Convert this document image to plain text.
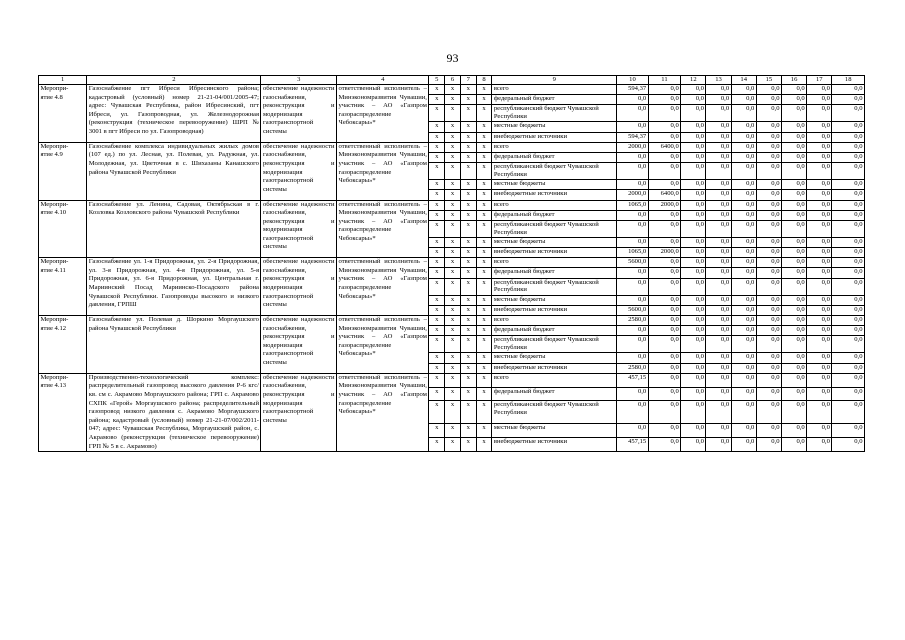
93
1	2	3	4	5	6	7	8	9	10	11	12	13	14	15	16	17	18

Меропри-
ятие 4.8	Газоснабжение пгт Ибреси Ибресинского района; кадастровый (условный) номер 21-21-04/001/2005-47; адрес: Чувашская Республика, район Ибресинский, пгт Ибреси, ул. Газопроводная, ул. Железнодорожная (реконструкция (техническое перевооружение) ШРП № 3001 в пгт Ибреси по ул. Газопроводная)	обеспечение надежности газоснабжения, реконструкция и модернизация газотранспортной системы	ответственный исполнитель – Минэкономразвития Чувашии, участник – АО «Газпром газораспределение Чебоксары»*	x	x	x	x	всего	594,37	0,0	0,0	0,0	0,0	0,0	0,0	0,0	0,0
				x	x	x	x	федеральный бюджет	0,0	0,0	0,0	0,0	0,0	0,0	0,0	0,0	0,0
				x	x	x	x	республиканский бюджет Чувашской Республики	0,0	0,0	0,0	0,0	0,0	0,0	0,0	0,0	0,0
				x	x	x	x	местные бюджеты	0,0	0,0	0,0	0,0	0,0	0,0	0,0	0,0	0,0
				x	x	x	x	внебюджетные источники	594,37	0,0	0,0	0,0	0,0	0,0	0,0	0,0	0,0

Меропри-
ятие 4.9	Газоснабжение комплекса индивидуальных жилых домов (107 ед.) по ул. Лесная, ул. Полевая, ул. Радужная, ул. Молодежная, ул. Цветочная в с. Шихазаны Канашского района Чувашской Республики	обеспечение надежности газоснабжения, реконструкция и модернизация газотранспортной системы	ответственный исполнитель – Минэкономразвития Чувашии, участник – АО «Газпром газораспределение Чебоксары»*	x	x	x	x	всего	2000,0	6400,0	0,0	0,0	0,0	0,0	0,0	0,0	0,0
				x	x	x	x	федеральный бюджет	0,0	0,0	0,0	0,0	0,0	0,0	0,0	0,0	0,0
				x	x	x	x	республиканский бюджет Чувашской Республики	0,0	0,0	0,0	0,0	0,0	0,0	0,0	0,0	0,0
				x	x	x	x	местные бюджеты	0,0	0,0	0,0	0,0	0,0	0,0	0,0	0,0	0,0
				x	x	x	x	внебюджетные источники	2000,0	6400,0	0,0	0,0	0,0	0,0	0,0	0,0	0,0

Меропри-
ятие 4.10	Газоснабжение ул. Ленина, Садовая, Октябрьская в г. Козловка Козловского района Чувашской Республики	обеспечение надежности газоснабжения, реконструкция и модернизация газотранспортной системы	ответственный исполнитель – Минэкономразвития Чувашии, участник – АО «Газпром газораспределение Чебоксары»*	x	x	x	x	всего	1065,0	2000,0	0,0	0,0	0,0	0,0	0,0	0,0	0,0
				x	x	x	x	федеральный бюджет	0,0	0,0	0,0	0,0	0,0	0,0	0,0	0,0	0,0
				x	x	x	x	республиканский бюджет Чувашской Республики	0,0	0,0	0,0	0,0	0,0	0,0	0,0	0,0	0,0
				x	x	x	x	местные бюджеты	0,0	0,0	0,0	0,0	0,0	0,0	0,0	0,0	0,0
				x	x	x	x	внебюджетные источники	1065,0	2000,0	0,0	0,0	0,0	0,0	0,0	0,0	0,0

Меропри-
ятие 4.11	Газоснабжение ул. 1-я Придорожная, ул. 2-я Придорожная, ул. 3-я Придорожная, ул. 4-я Придорожная, ул. 5-я Придорожная, ул. 6-я Придорожная, ул. Центральная г. Мариинский Посад Мариинско-Посадского района Чувашской Республики. Газопроводы высокого и низкого давления, ГРПШ	обеспечение надежности газоснабжения, реконструкция и модернизация газотранспортной системы	ответственный исполнитель – Минэкономразвития Чувашии, участник – АО «Газпром газораспределение Чебоксары»*	x	x	x	x	всего	5600,0	0,0	0,0	0,0	0,0	0,0	0,0	0,0	0,0
				x	x	x	x	федеральный бюджет	0,0	0,0	0,0	0,0	0,0	0,0	0,0	0,0	0,0
				x	x	x	x	республиканский бюджет Чувашской Республики	0,0	0,0	0,0	0,0	0,0	0,0	0,0	0,0	0,0
				x	x	x	x	местные бюджеты	0,0	0,0	0,0	0,0	0,0	0,0	0,0	0,0	0,0
				x	x	x	x	внебюджетные источники	5600,0	0,0	0,0	0,0	0,0	0,0	0,0	0,0	0,0

Меропри-
ятие 4.12	Газоснабжение ул. Полевая д. Шоркино Моргаушского района Чувашской Республики	обеспечение надежности газоснабжения, реконструкция и модернизация газотранспортной системы	ответственный исполнитель – Минэкономразвития Чувашии, участник – АО «Газпром газораспределение Чебоксары»*	x	x	x	x	всего	2580,0	0,0	0,0	0,0	0,0	0,0	0,0	0,0	0,0
				x	x	x	x	федеральный бюджет	0,0	0,0	0,0	0,0	0,0	0,0	0,0	0,0	0,0
				x	x	x	x	республиканский бюджет Чувашской Республики	0,0	0,0	0,0	0,0	0,0	0,0	0,0	0,0	0,0
				x	x	x	x	местные бюджеты	0,0	0,0	0,0	0,0	0,0	0,0	0,0	0,0	0,0
				x	x	x	x	внебюджетные источники	2580,0	0,0	0,0	0,0	0,0	0,0	0,0	0,0	0,0

Меропри-
ятие 4.13	Производственно-технологический комплекс: распределительный газопровод высокого давления P-6 кгс/кв. см с. Акрамово Моргаушского района; ГРП с. Акрамово СХПК «Герой» Моргаушского района; распределительный газопровод низкого давления с. Акрамово Моргаушского района; кадастровый (условный) номер 21-21-07/002/2011-047; адрес: Чувашская Республика, Моргаушский район, с. Акрамово (реконструкция (техническое перевооружение) ГРП № 5 в с. Акрамово)	обеспечение надежности газоснабжения, реконструкция и модернизация газотранспортной системы	ответственный исполнитель – Минэкономразвития Чувашии, участник – АО «Газпром газораспределение Чебоксары»*	x	x	x	x	всего	457,15	0,0	0,0	0,0	0,0	0,0	0,0	0,0	0,0
				x	x	x	x	федеральный бюджет	0,0	0,0	0,0	0,0	0,0	0,0	0,0	0,0	0,0
				x	x	x	x	республиканский бюджет Чувашской Республики	0,0	0,0	0,0	0,0	0,0	0,0	0,0	0,0	0,0
				x	x	x	x	местные бюджеты	0,0	0,0	0,0	0,0	0,0	0,0	0,0	0,0	0,0
				x	x	x	x	внебюджетные источники	457,15	0,0	0,0	0,0	0,0	0,0	0,0	0,0	0,0
